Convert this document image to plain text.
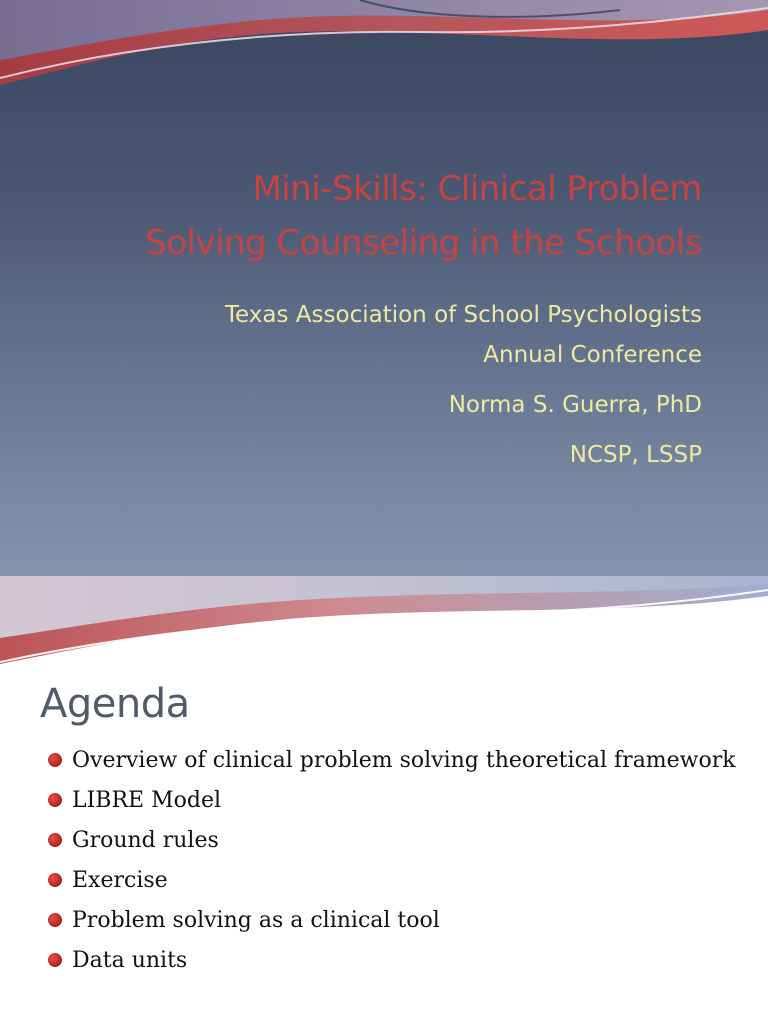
Mini-Skills: Clinical Problem
Solving Counseling in the Schools
Texas Association of School Psychologists
Annual Conference
Norma S. Guerra, PhD
NCSP, LSSP
Agenda
Overview of clinical problem solving theoretical framework
LIBRE Model
Ground rules
Exercise
Problem solving as a clinical tool
Data units
